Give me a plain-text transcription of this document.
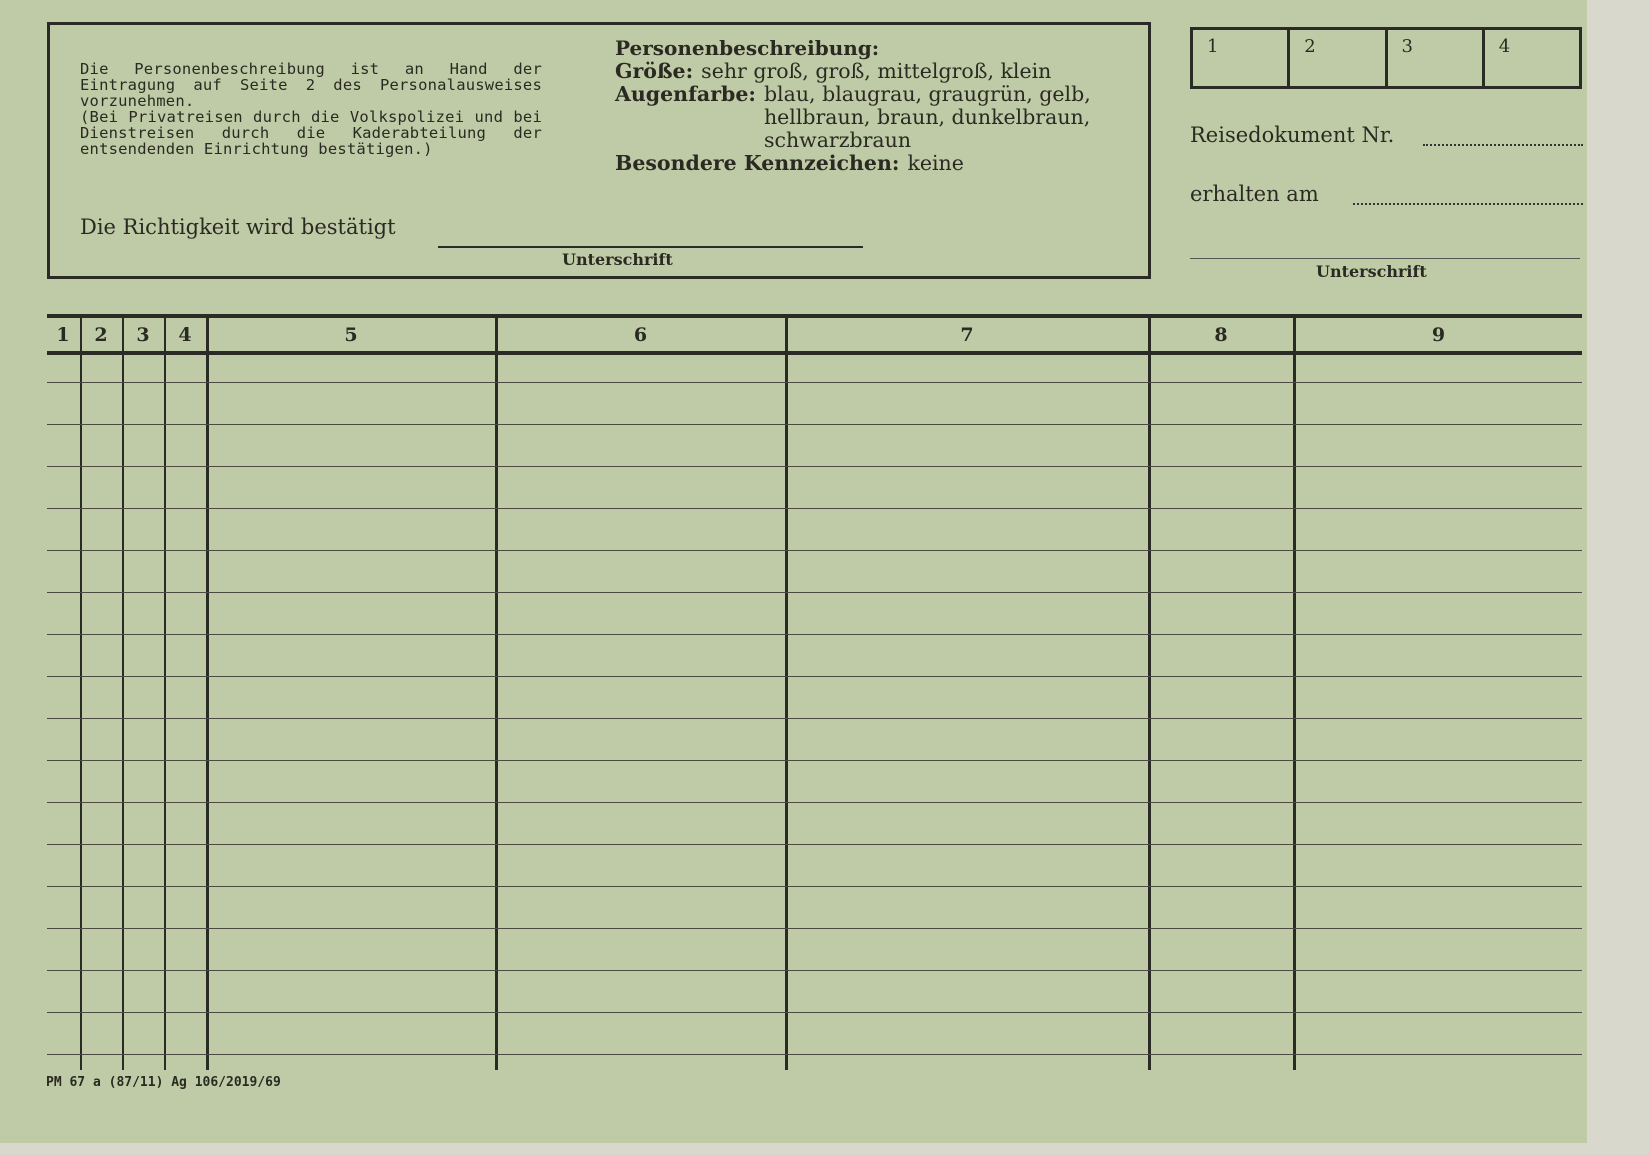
Die Personenbeschreibung ist an Hand der Eintragung auf Seite 2 des Personalausweises vorzunehmen.

(Bei Privatreisen durch die Volkspolizei und bei Dienstreisen durch die Kaderabteilung der entsendenden Einrichtung bestätigen.)

Die Richtigkeit wird bestätigt
Unterschrift
Personenbeschreibung:
Größe: sehr groß, groß, mittelgroß, klein
Augenfarbe: blau, blaugrau, graugrün, gelb, hellbraun, braun, dunkelbraun, schwarzbraun
Besondere Kennzeichen: keine
1	2	3	4
Reisedokument Nr.
erhalten am
Unterschrift
1	2	3	4	5	6	7	8	9
PM 67 a (87/11) Ag 106/2019/69
